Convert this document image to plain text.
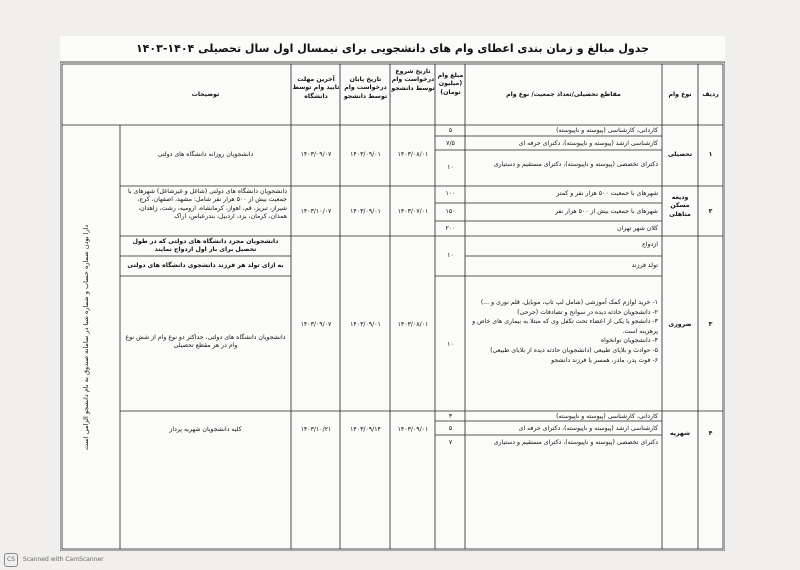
جدول مبالغ و زمان بندی اعطای وام های دانشجویی برای نیمسال اول سال تحصیلی ۱۴۰۴-۱۴۰۳
ردیف
نوع وام
مقاطع تحصیلی/تعداد جمعیت/ نوع وام
مبلغ وام (میلیون تومان)
تاریخ شروع درخواست وام توسط دانشجو
تاریخ پایان درخواست وام توسط دانشجو
آخرین مهلت تایید وام توسط دانشگاه
توضیحات
۱
تحصیلی
کاردانی، کارشناسی (پیوسته و ناپیوسته)
کارشناسی ارشد (پیوسته و ناپیوسته)، دکترای حرفه ای
دکترای تخصصی (پیوسته و ناپیوسته)، دکترای مستقیم و دستیاری
۵
۷/۵
۱۰
۱۴۰۳/۰۸/۰۱
۱۴۰۳/۰۹/۰۱
۱۴۰۳/۰۹/۰۷
دانشجویان روزانه دانشگاه های دولتی
۲
ودیعه مسکن متاهلی
شهرهای با جمعیت ۵۰۰ هزار نفر و کمتر
شهرهای با جمعیت بیش از ۵۰۰ هزار نفر
کلان شهر تهران
۱۰۰
۱۵۰
۲۰۰
۱۴۰۳/۰۷/۰۱
۱۴۰۳/۰۹/۰۱
۱۴۰۳/۱۰/۰۷
دانشجویان دانشگاه های دولتی (شاغل و غیرشاغل) شهرهای با جمعیت بیش از ۵۰۰ هزار نفر شامل: مشهد، اصفهان، کرج، شیراز، تبریز، قم، اهواز، کرمانشاه، ارومیه، رشت، زاهدان، همدان، کرمان، یزد، اردبیل، بندرعباس، اراک
۳
ضروری
ازدواج
تولد فرزند
۱- خرید لوازم کمک آموزشی (شامل لپ تاپ، موبایل، قلم نوری و ...)
۲- دانشجویان حادثه دیده در سوانح و تصادفات (جرحی)
۳- دانشجو یا یکی از اعضاء تحت تکفل وی که مبتلا به بیماری های خاص و پرهزینه است.
۴- دانشجویان توانخواه
۵- حوادث و بلایای طبیعی (دانشجویان حادثه دیده از بلایای طبیعی)
۶- فوت پدر، مادر، همسر یا فرزند دانشجو
۱۰
۱۰
۱۴۰۳/۰۸/۰۱
۱۴۰۳/۰۹/۰۱
۱۴۰۳/۰۹/۰۷
دانشجویان مجرد دانشگاه های دولتی که در طول تحصیل برای بار اول ازدواج نمایند
به ازای تولد هر فرزند دانشجوی دانشگاه های دولتی
دانشجویان دانشگاه های دولتی، حداکثر دو نوع وام از شش نوع وام در هر مقطع تحصیلی
۴
شهریه
کاردانی، کارشناسی (پیوسته و ناپیوسته)
کارشناسی ارشد (پیوسته و ناپیوسته)، دکترای حرفه ای
دکترای تخصصی (پیوسته و ناپیوسته)، دکترای مستقیم و دستیاری
۳
۵
۷
۱۴۰۳/۰۹/۰۱
۱۴۰۳/۰۹/۱۴
۱۴۰۳/۱۰/۲۱
کلیه دانشجویان شهریه پرداز
دارا بودن شماره حساب و شماره شبا در سامانه صندوق به نام دانشجو الزامی است
CS Scanned with CamScanner
